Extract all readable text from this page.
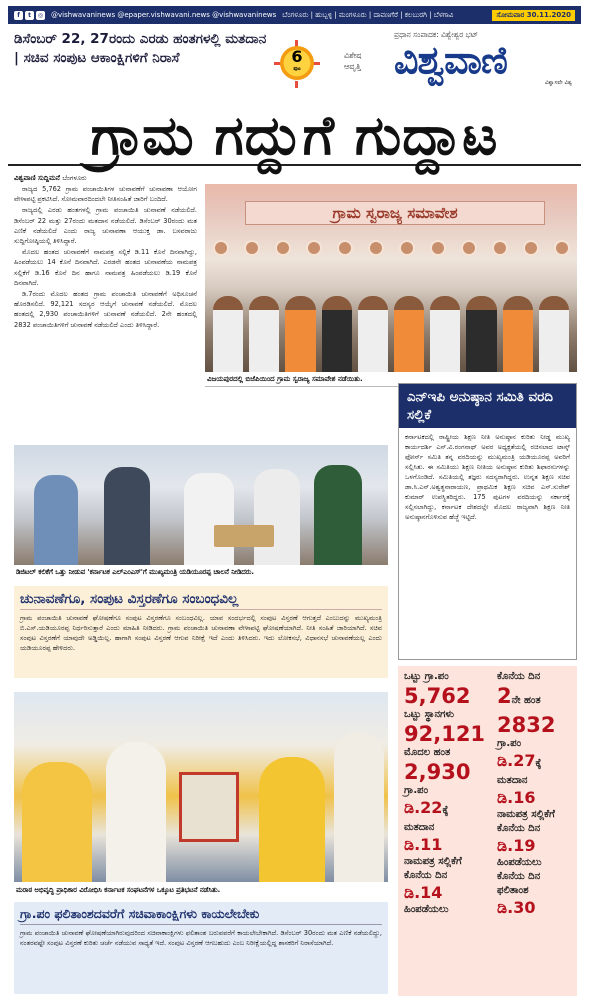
f	t	◎ @vishwavaninews @epaper.vishwavani.news @vishwavaninews ಬೆಂಗಳೂರು | ಹುಬ್ಬಳ್ಳಿ | ಮಂಗಳೂರು | ದಾವಣಗೆರೆ | ಕಲಬುರಗಿ | ಬೆಳಗಾವಿ	ಸೋಮವಾರ 30.11.2020
ಡಿಸೆಂಬರ್ 22, 27ರಂದು ಎರಡು ಹಂತಗಳಲ್ಲಿ ಮತದಾನ | ಸಚಿವ ಸಂಪುಟ ಆಕಾಂಕ್ಷಿಗಳಿಗೆ ನಿರಾಸೆ	6
ಪುಟ
ವಿಶೇಷ
ಆವೃತ್ತಿ
ಪ್ರಧಾನ ಸಂಪಾದಕ: ವಿಶ್ವೇಶ್ವರ ಭಟ್
ವಿಶ್ವವಾಣಿ
ವಿಶ್ವಾಸವೇ ವಿಶ್ವ
ಗ್ರಾಮ ಗದ್ದುಗೆ ಗುದ್ದಾಟ
ವಿಶ್ವವಾಣಿ ಸುದ್ದಿಮನೆ ಬೆಂಗಳೂರು

ರಾಜ್ಯದ 5,762 ಗ್ರಾಮ ಪಂಚಾಯಿತಿಗಳ ಚುನಾವಣೆಗೆ ಚುನಾವಣಾ ಆಯೋಗ ವೇಳಾಪಟ್ಟಿ ಪ್ರಕಟಿಸಿದೆ. ಸೋಮವಾರದಿಂದಲೇ ನೀತಿಸಂಹಿತೆ ಜಾರಿಗೆ ಬಂದಿದೆ.

ರಾಜ್ಯದಲ್ಲಿ ಎರಡು ಹಂತಗಳಲ್ಲಿ ಗ್ರಾಮ ಪಂಚಾಯಿತಿ ಚುನಾವಣೆ ನಡೆಯಲಿದೆ. ಡಿಸೆಂಬರ್ 22 ಮತ್ತು 27ರಂದು ಮತದಾನ ನಡೆಯಲಿದೆ. ಡಿಸೆಂಬರ್ 30ರಂದು ಮತ ಎಣಿಕೆ ನಡೆಯಲಿದೆ ಎಂದು ರಾಜ್ಯ ಚುನಾವಣಾ ಆಯುಕ್ತ ಡಾ. ಬಸವರಾಜು ಸುದ್ದಿಗೋಷ್ಠಿಯಲ್ಲಿ ತಿಳಿಸಿದ್ದಾರೆ.

ಮೊದಲ ಹಂತದ ಚುನಾವಣೆಗೆ ನಾಮಪತ್ರ ಸಲ್ಲಿಕೆ ಡಿ.11 ಕೊನೆ ದಿನವಾಗಿದ್ದು, ಹಿಂಪಡೆಯಲು 14 ಕೊನೆ ದಿನವಾಗಿದೆ. ಎರಡನೇ ಹಂತದ ಚುನಾವಣೆಯ ನಾಮಪತ್ರ ಸಲ್ಲಿಕೆಗೆ ಡಿ.16 ಕೊನೆ ದಿನ ಹಾಗೂ ನಾಮಪತ್ರ ಹಿಂಪಡೆಯಲು ಡಿ.19 ಕೊನೆ ದಿನವಾಗಿದೆ.

ಡಿ.7ರಂದು ಮೊದಲ ಹಂತದ ಗ್ರಾಮ ಪಂಚಾಯಿತಿ ಚುನಾವಣೆಗೆ ಅಧಿಸೂಚನೆ ಹೊರಡಿಸಲಿದೆ. 92,121 ಸದಸ್ಯರ ಆಯ್ಕೆಗೆ ಚುನಾವಣೆ ನಡೆಯಲಿದೆ. ಮೊದಲ ಹಂತದಲ್ಲಿ 2,930 ಪಂಚಾಯಿತಿಗಳಿಗೆ ಚುನಾವಣೆ ನಡೆಯಲಿದೆ. 2ನೇ ಹಂತದಲ್ಲಿ 2832 ಪಂಚಾಯಿತಿಗಳಿಗೆ ಚುನಾವಣೆ ನಡೆಯಲಿದೆ ಎಂದು ತಿಳಿಸಿದ್ದಾರೆ.

ಗ್ರಾಮ ಸ್ವರಾಜ್ಯ ಸಮಾವೇಶ
ವಿಜಯಪುರದಲ್ಲಿ ಬಿಜೆಪಿಯಿಂದ ಗ್ರಾಮ ಸ್ವರಾಜ್ಯ ಸಮಾವೇಶ ನಡೆಯಿತು.
ಡಿಜಿಟಲ್ ಕಲಿಕೆಗೆ ಒತ್ತು ನೀಡುವ 'ಕರ್ನಾಟಕ ಎಲ್‌ಎಂಎಸ್'ಗೆ ಮುಖ್ಯಮಂತ್ರಿ ಯಡಿಯೂರಪ್ಪ ಚಾಲನೆ ನೀಡಿದರು.
ಚುನಾವಣೆಗೂ, ಸಂಪುಟ ವಿಸ್ತರಣೆಗೂ ಸಂಬಂಧವಿಲ್ಲ

ಗ್ರಾಮ ಪಂಚಾಯಿತಿ ಚುನಾವಣೆ ಘೋಷಣೆಗೂ ಸಂಪುಟ ವಿಸ್ತರಣೆಗೂ ಸಂಬಂಧವಿಲ್ಲ. ಯಾವ ಸಂದರ್ಭದಲ್ಲಿ ಸಂಪುಟ ವಿಸ್ತರಣೆ ಆಗುತ್ತದೆ ಎಂಬುದನ್ನು ಮುಖ್ಯಮಂತ್ರಿ ಬಿ.ಎಸ್.ಯಡಿಯೂರಪ್ಪ ನಿರ್ಧರಿಸುತ್ತಾರೆ ಎಂದು ಮಾಹಿತಿ ನೀಡಿದರು. ಗ್ರಾಮ ಪಂಚಾಯಿತಿ ಚುನಾವಣಾ ವೇಳಾಪಟ್ಟಿ ಘೋಷಣೆಯಾಗಿದೆ. ನೀತಿ ಸಂಹಿತೆ ಜಾರಿಯಾಗಿದೆ. ಸಚಿವ ಸಂಪುಟ ವಿಸ್ತರಣೆಗೆ ಯಾವುದೇ ಅಡ್ಡಿಯಿಲ್ಲ. ಹಾಗಾಗಿ ಸಂಪುಟ ವಿಸ್ತರಣೆ ಆಗುವ ನಿರೀಕ್ಷೆ ಇದೆ ಎಂದು ತಿಳಿಸಿದರು. ಇದು ಲೋಕಸಭೆ, ವಿಧಾನಸಭೆ ಚುನಾವಣೆಯಲ್ಲ ಎಂದು ಯಡಿಯೂರಪ್ಪ ಹೇಳಿದರು.

ಮರಾಠ ಅಭಿವೃದ್ಧಿ ಪ್ರಾಧಿಕಾರ ವಿರೋಧಿಸಿ ಕರ್ನಾಟಕ ಸಂಘಟನೆಗಳ ಒಕ್ಕೂಟ ಪ್ರತಿಭಟನೆ ನಡೆಸಿತು.
ಗ್ರಾ.ಪಂ ಫಲಿತಾಂಶದವರೆಗೆ ಸಚಿವಾಕಾಂಕ್ಷಿಗಳು ಕಾಯಲೇಬೇಕು

ಗ್ರಾಮ ಪಂಚಾಯಿತಿ ಚುನಾವಣೆ ಘೋಷಣೆಯಾಗಿರುವುದರಿಂದ ಸಚಿವಾಕಾಂಕ್ಷಿಗಳು ಫಲಿತಾಂಶ ಬರುವವರೆಗೆ ಕಾಯಲೇಬೇಕಾಗಿದೆ. ಡಿಸೆಂಬರ್ 30ರಂದು ಮತ ಎಣಿಕೆ ನಡೆಯಲಿದ್ದು, ನಂತರವಷ್ಟೇ ಸಂಪುಟ ವಿಸ್ತರಣೆ ಕುರಿತು ಚರ್ಚೆ ನಡೆಯುವ ಸಾಧ್ಯತೆ ಇದೆ. ಸಂಪುಟ ವಿಸ್ತರಣೆ ಆಗಬಹುದು ಎಂಬ ನಿರೀಕ್ಷೆಯಲ್ಲಿದ್ದ ಶಾಸಕರಿಗೆ ನಿರಾಸೆಯಾಗಿದೆ.

ಎನ್‌ಇಪಿ ಅನುಷ್ಠಾನ ಸಮಿತಿ ವರದಿ ಸಲ್ಲಿಕೆ
ಕರ್ನಾಟಕದಲ್ಲಿ ರಾಷ್ಟ್ರೀಯ ಶಿಕ್ಷಣ ನೀತಿ ಅನುಷ್ಠಾನ ಕುರಿತು ನೀಡ್ಡ ಮುಖ್ಯ ಕಾರ್ಯದರ್ಶಿ ಎಸ್.ವಿ.ರಂಗನಾಥ್ ಅವರ ಅಧ್ಯಕ್ಷತೆಯಲ್ಲಿ ರಚಿಸಲಾದ ಟಾಸ್ಕ್ ಫೋರ್ಸ್ ಸಮಿತಿ ತನ್ನ ವರದಿಯನ್ನು ಮುಖ್ಯಮಂತ್ರಿ ಯಡಿಯೂರಪ್ಪ ಅವರಿಗೆ ಸಲ್ಲಿಸಿತು. ಈ ಸಮಿತಿಯು ಶಿಕ್ಷಣ ನೀತಿಯ ಅನುಷ್ಠಾನ ಕುರಿತು ಶಿಫಾರಸುಗಳನ್ನು ಒಳಗೊಂಡಿದೆ. ಸಮಿತಿಯಲ್ಲಿ ತಜ್ಞರು ಸದಸ್ಯರಾಗಿದ್ದರು. ಉನ್ನತ ಶಿಕ್ಷಣ ಸಚಿವ ಡಾ.ಸಿ.ಎನ್.ಅಶ್ವತ್ಥನಾರಾಯಣ, ಪ್ರಾಥಮಿಕ ಶಿಕ್ಷಣ ಸಚಿವ ಎಸ್.ಸುರೇಶ್ ಕುಮಾರ್ ಉಪಸ್ಥಿತರಿದ್ದರು. 175 ಪುಟಗಳ ವರದಿಯನ್ನು ಸರ್ಕಾರಕ್ಕೆ ಸಲ್ಲಿಸಲಾಗಿದ್ದು, ಕರ್ನಾಟಕ ದೇಶದಲ್ಲೇ ಮೊದಲ ರಾಜ್ಯವಾಗಿ ಶಿಕ್ಷಣ ನೀತಿ ಅನುಷ್ಠಾನಗೊಳಿಸುವ ಹೆಜ್ಜೆ ಇಟ್ಟಿದೆ.
ಒಟ್ಟು ಗ್ರಾ.ಪಂ
5,762
ಒಟ್ಟು ಸ್ಥಾನಗಳು
92,121
ಮೊದಲ ಹಂತ
2,930
ಗ್ರಾ.ಪಂ
ಡಿ.22ಕ್ಕೆ
ಮತದಾನ
ಡಿ.11
ನಾಮಪತ್ರ ಸಲ್ಲಿಕೆಗೆ ಕೊನೆಯ ದಿನ
ಡಿ.14
ಹಿಂಪಡೆಯಲು
ಕೊನೆಯ ದಿನ
2ನೇ ಹಂತ
2832
ಗ್ರಾ.ಪಂ
ಡಿ.27ಕ್ಕೆ
ಮತದಾನ
ಡಿ.16
ನಾಮಪತ್ರ ಸಲ್ಲಿಕೆಗೆ ಕೊನೆಯ ದಿನ
ಡಿ.19
ಹಿಂಪಡೆಯಲು ಕೊನೆಯ ದಿನ
ಫಲಿತಾಂಶ
ಡಿ.30
